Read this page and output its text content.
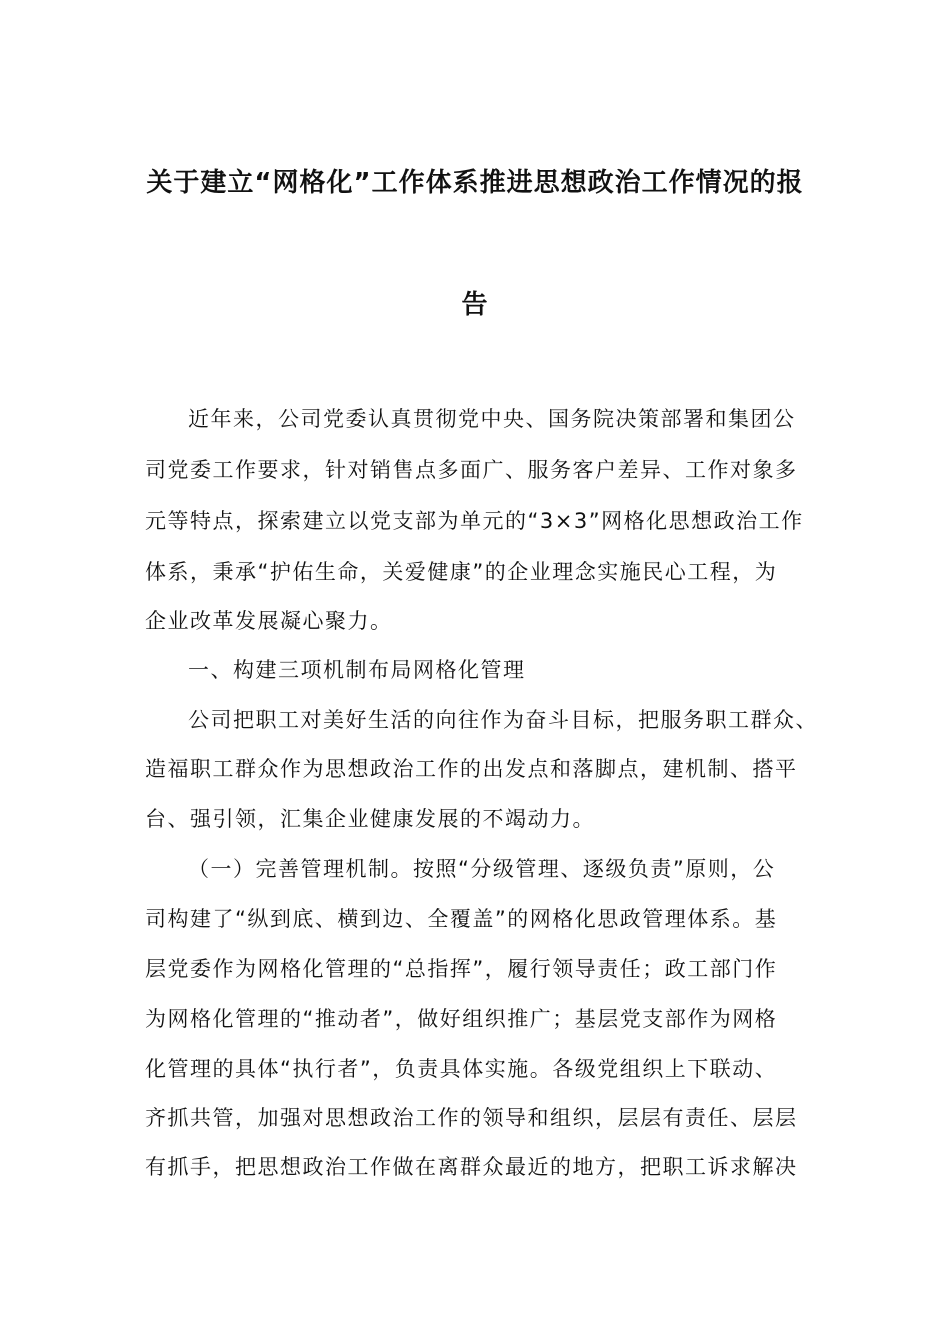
关于建立“网格化”工作体系推进思想政治工作情况的报
告
近年来，公司党委认真贯彻党中央、国务院决策部署和集团公
司党委工作要求，针对销售点多面广、服务客户差异、工作对象多
元等特点，探索建立以党支部为单元的“3×3”网格化思想政治工作
体系，秉承“护佑生命，关爱健康”的企业理念实施民心工程，为
企业改革发展凝心聚力。
一、构建三项机制布局网格化管理
公司把职工对美好生活的向往作为奋斗目标，把服务职工群众、
造福职工群众作为思想政治工作的出发点和落脚点，建机制、搭平
台、强引领，汇集企业健康发展的不竭动力。
（一）完善管理机制。按照“分级管理、逐级负责”原则，公
司构建了“纵到底、横到边、全覆盖”的网格化思政管理体系。基
层党委作为网格化管理的“总指挥”，履行领导责任；政工部门作
为网格化管理的“推动者”，做好组织推广；基层党支部作为网格
化管理的具体“执行者”，负责具体实施。各级党组织上下联动、
齐抓共管，加强对思想政治工作的领导和组织，层层有责任、层层
有抓手，把思想政治工作做在离群众最近的地方，把职工诉求解决
